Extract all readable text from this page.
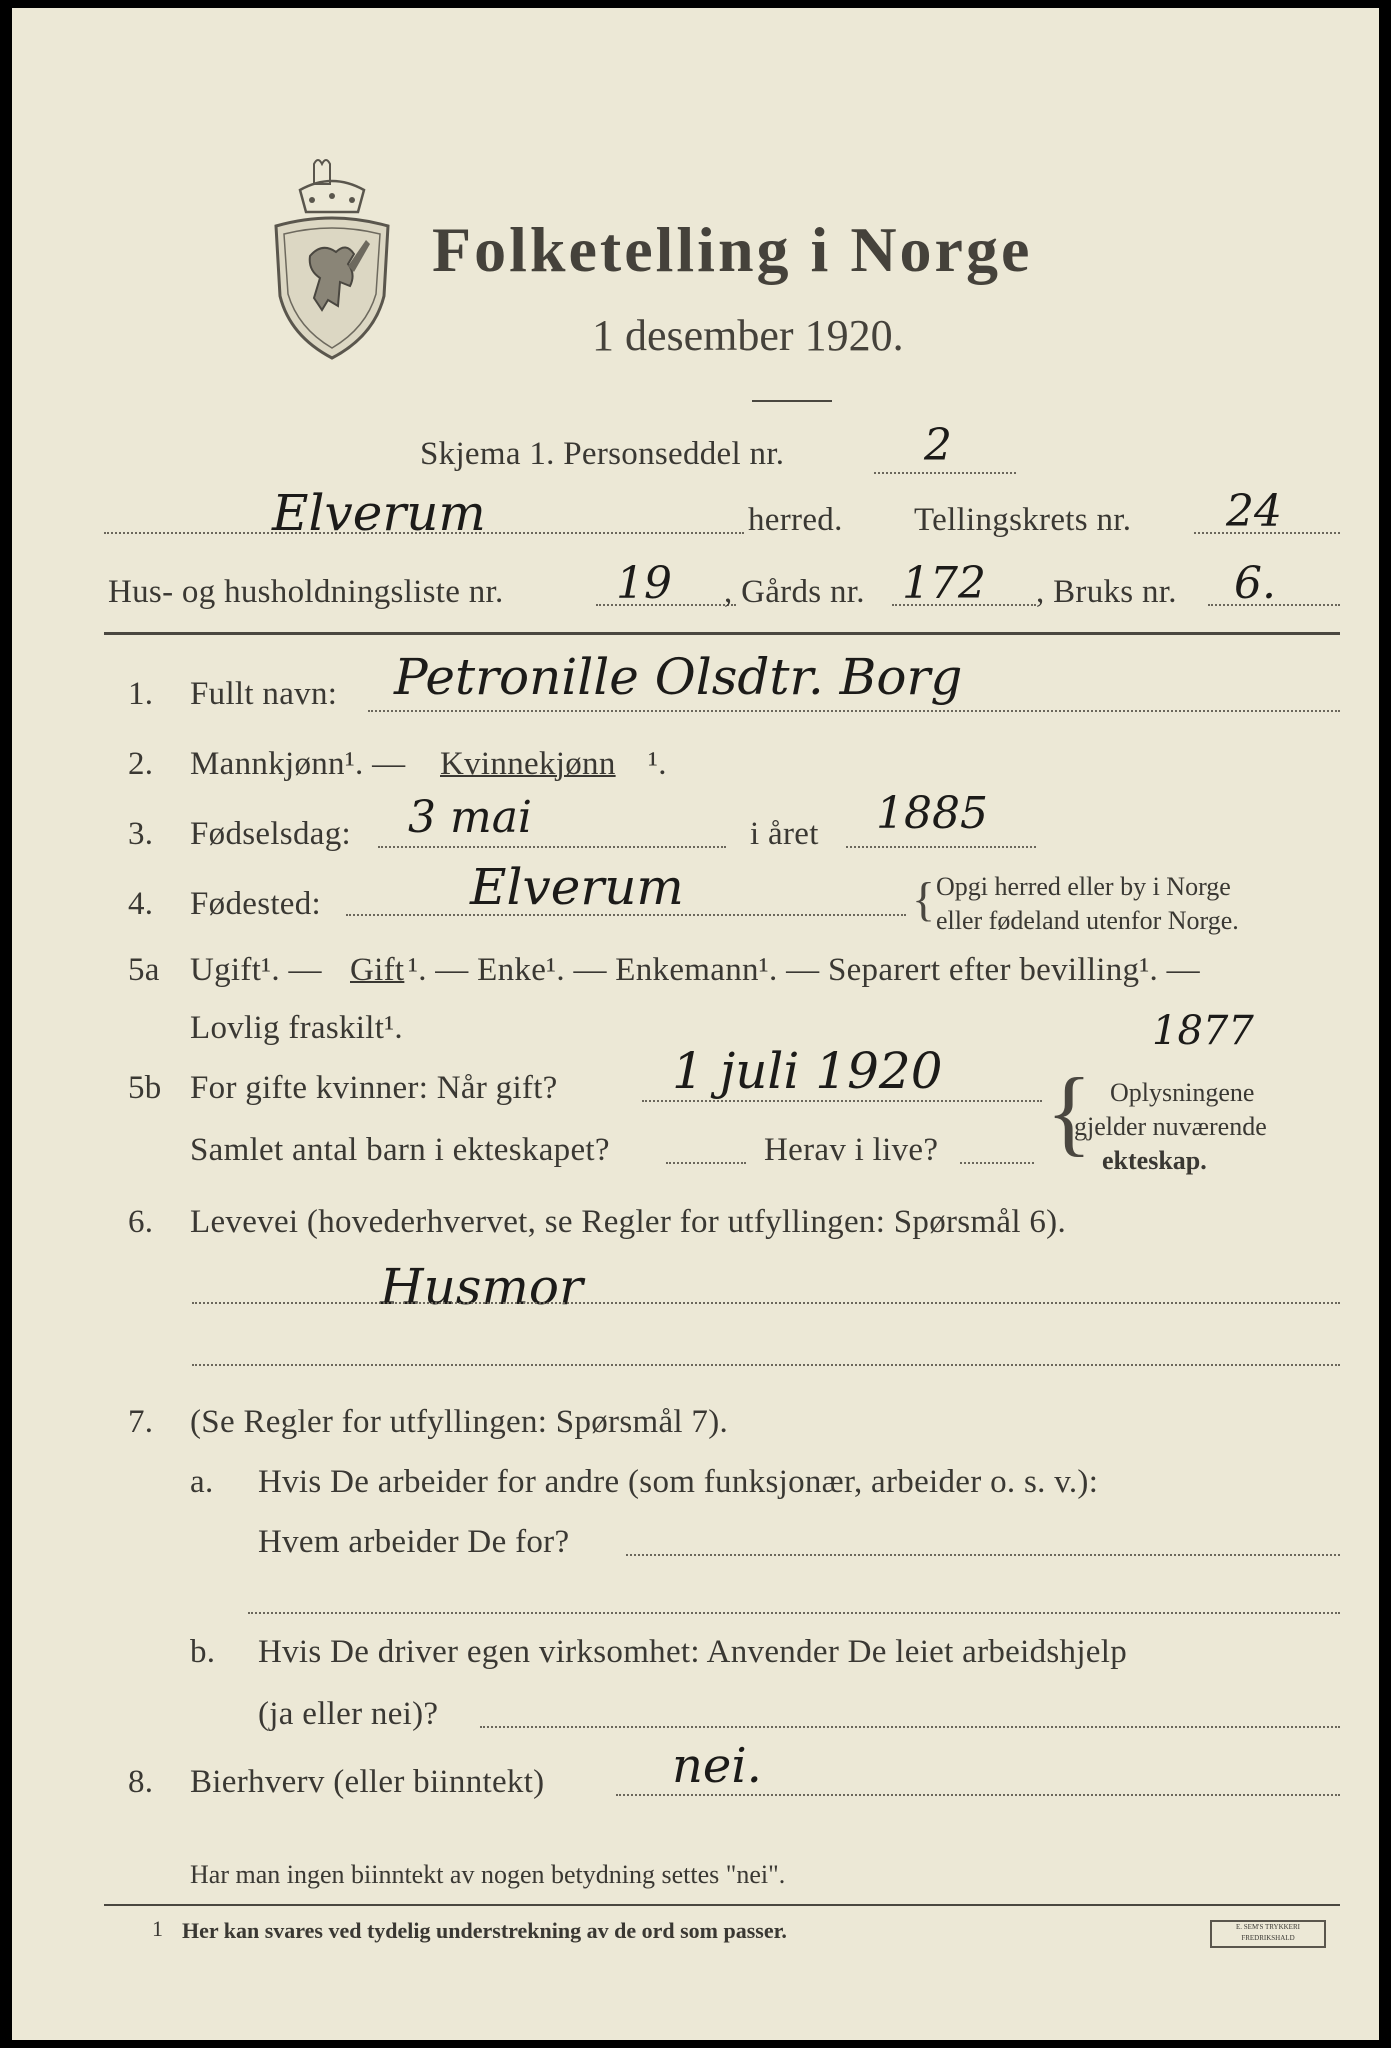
Folketelling i Norge
1 desember 1920.
Skjema 1. Personseddel nr.	2
Elverum	herred. Tellingskrets nr. 24
Hus- og husholdningsliste nr.	19 , Gårds nr. 172 , Bruks nr. 6.
1. Fullt navn: Petronille Olsdtr. Borg
2. Mannkjønn¹. — Kvinnekjønn ¹.
3. Fødselsdag: 3 mai	i året 1885
4. Fødested:	Elverum	{ Opgi herred eller by i Norge
eller fødeland utenfor Norge.
5a Ugift¹. — Gift ¹. — Enke¹. — Enkemann¹. — Separert efter bevilling¹. —
Lovlig fraskilt¹.
5b For gifte kvinner: Når gift? 1 juli 1920
1877
Samlet antal barn i ekteskapet?	Herav i live? { Oplysningene
gjelder nuværende
ekteskap.
6. Levevei (hovederhvervet, se Regler for utfyllingen: Spørsmål 6).
Husmor
7. (Se Regler for utfyllingen: Spørsmål 7).
a. Hvis De arbeider for andre (som funksjonær, arbeider o. s. v.):
Hvem arbeider De for?
b. Hvis De driver egen virksomhet: Anvender De leiet arbeidshjelp
(ja eller nei)?
8. Bierhverv (eller biinntekt)	nei.
Har man ingen biinntekt av nogen betydning settes "nei".
1 Her kan svares ved tydelig understrekning av de ord som passer.	E. SEM'S TRYKKERI FREDRIKSHALD
